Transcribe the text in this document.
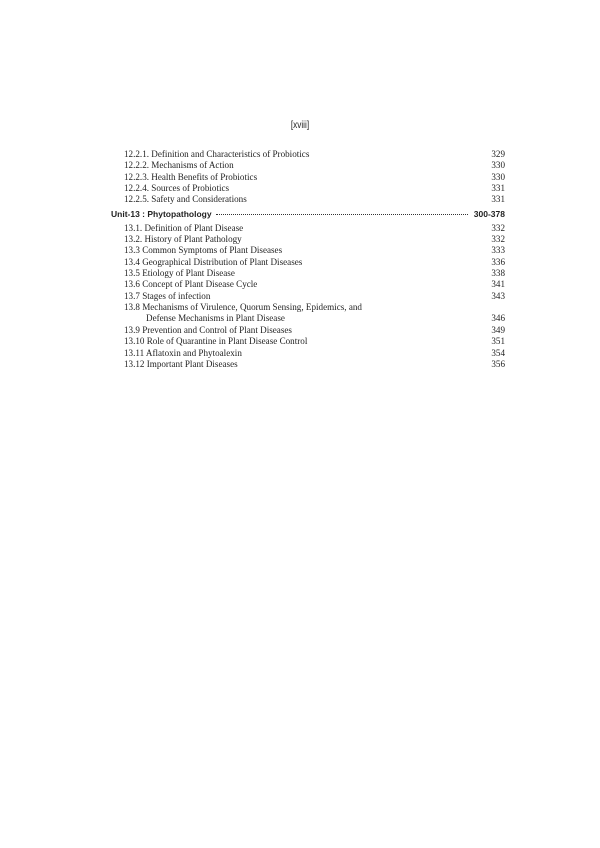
[xviii]
12.2.1. Definition and Characteristics of Probiotics	329
12.2.2. Mechanisms of Action	330
12.2.3. Health Benefits of Probiotics	330
12.2.4. Sources of Probiotics	331
12.2.5. Safety and Considerations	331
Unit-13 : Phytopathology	300-378
13.1. Definition of Plant Disease	332
13.2. History of Plant Pathology	332
13.3 Common Symptoms of Plant Diseases	333
13.4 Geographical Distribution of Plant Diseases	336
13.5 Etiology of Plant Disease	338
13.6 Concept of Plant Disease Cycle	341
13.7 Stages of infection	343
13.8 Mechanisms of Virulence, Quorum Sensing, Epidemics, and
Defense Mechanisms in Plant Disease	346
13.9 Prevention and Control of Plant Diseases	349
13.10 Role of Quarantine in Plant Disease Control	351
13.11 Aflatoxin and Phytoalexin	354
13.12 Important Plant Diseases	356
